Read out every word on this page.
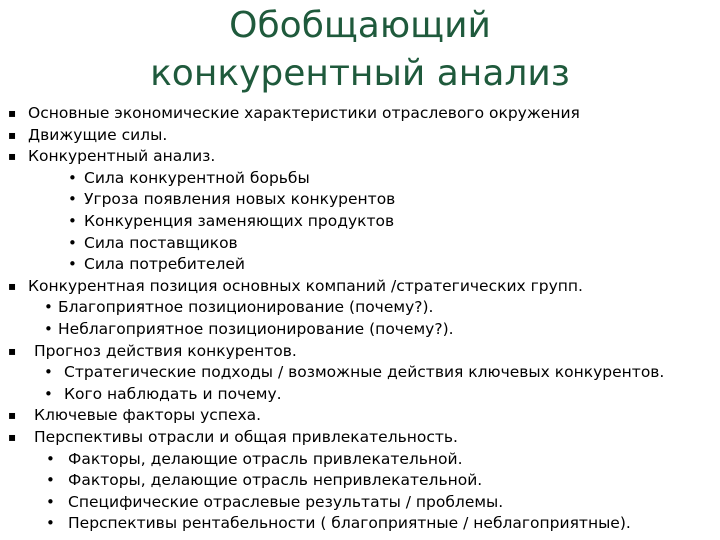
Обобщающий
конкурентный анализ
▪ Основные экономические характеристики отраслевого окружения
▪ Движущие силы.
▪ Конкурентный анализ.
• Сила конкурентной борьбы
• Угроза появления новых конкурентов
• Конкуренция заменяющих продуктов
• Сила поставщиков
• Сила потребителей
▪ Конкурентная позиция основных компаний /стратегических групп.
• Благоприятное позиционирование (почему?).
• Неблагоприятное позиционирование (почему?).
▪ Прогноз действия конкурентов.
• Стратегические подходы / возможные действия ключевых конкурентов.
• Кого наблюдать и почему.
▪ Ключевые факторы успеха.
▪ Перспективы отрасли и общая привлекательность.
• Факторы, делающие отрасль привлекательной.
• Факторы, делающие отрасль непривлекательной.
• Специфические отраслевые результаты / проблемы.
• Перспективы рентабельности ( благоприятные / неблагоприятные).
